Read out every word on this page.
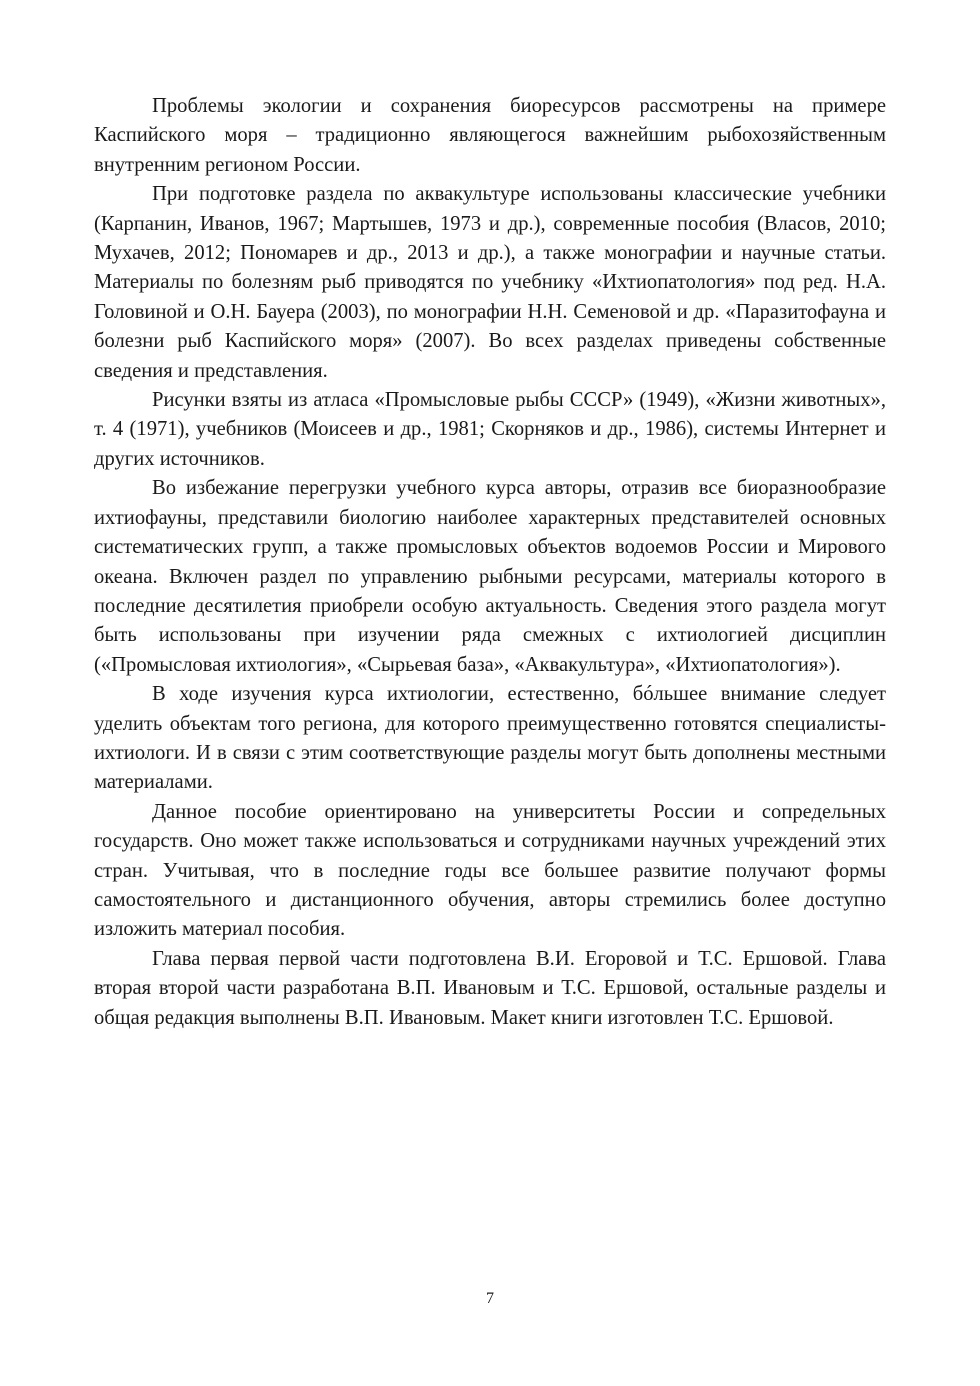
Проблемы экологии и сохранения биоресурсов рассмотрены на примере Каспийского моря – традиционно являющегося важнейшим рыбохозяйственным внутренним регионом России.

При подготовке раздела по аквакультуре использованы классические учебники (Карпанин, Иванов, 1967; Мартышев, 1973 и др.), современные пособия (Власов, 2010; Мухачев, 2012; Пономарев и др., 2013 и др.), а также монографии и научные статьи. Материалы по болезням рыб приводятся по учебнику «Ихтиопатология» под ред. Н.А. Головиной и О.Н. Бауера (2003), по монографии Н.Н. Семеновой и др. «Паразитофауна и болезни рыб Каспийского моря» (2007). Во всех разделах приведены собственные сведения и представления.

Рисунки взяты из атласа «Промысловые рыбы СССР» (1949), «Жизни животных», т. 4 (1971), учебников (Моисеев и др., 1981; Скорняков и др., 1986), системы Интернет и других источников.

Во избежание перегрузки учебного курса авторы, отразив все биоразнообразие ихтиофауны, представили биологию наиболее характерных представителей основных систематических групп, а также промысловых объектов водоемов России и Мирового океана. Включен раздел по управлению рыбными ресурсами, материалы которого в последние десятилетия приобрели особую актуальность. Сведения этого раздела могут быть использованы при изучении ряда смежных с ихтиологией дисциплин («Промысловая ихтиология», «Сырьевая база», «Аквакультура», «Ихтиопатология»).

В ходе изучения курса ихтиологии, естественно, бóльшее внимание следует уделить объектам того региона, для которого преимущественно готовятся специалисты-ихтиологи. И в связи с этим соответствующие разделы могут быть дополнены местными материалами.

Данное пособие ориентировано на университеты России и сопредельных государств. Оно может также использоваться и сотрудниками научных учреждений этих стран. Учитывая, что в последние годы все большее развитие получают формы самостоятельного и дистанционного обучения, авторы стремились более доступно изложить материал пособия.

Глава первая первой части подготовлена В.И. Егоровой и Т.С. Ершовой. Глава вторая второй части разработана В.П. Ивановым и Т.С. Ершовой, остальные разделы и общая редакция выполнены В.П. Ивановым. Макет книги изготовлен Т.С. Ершовой.

7
